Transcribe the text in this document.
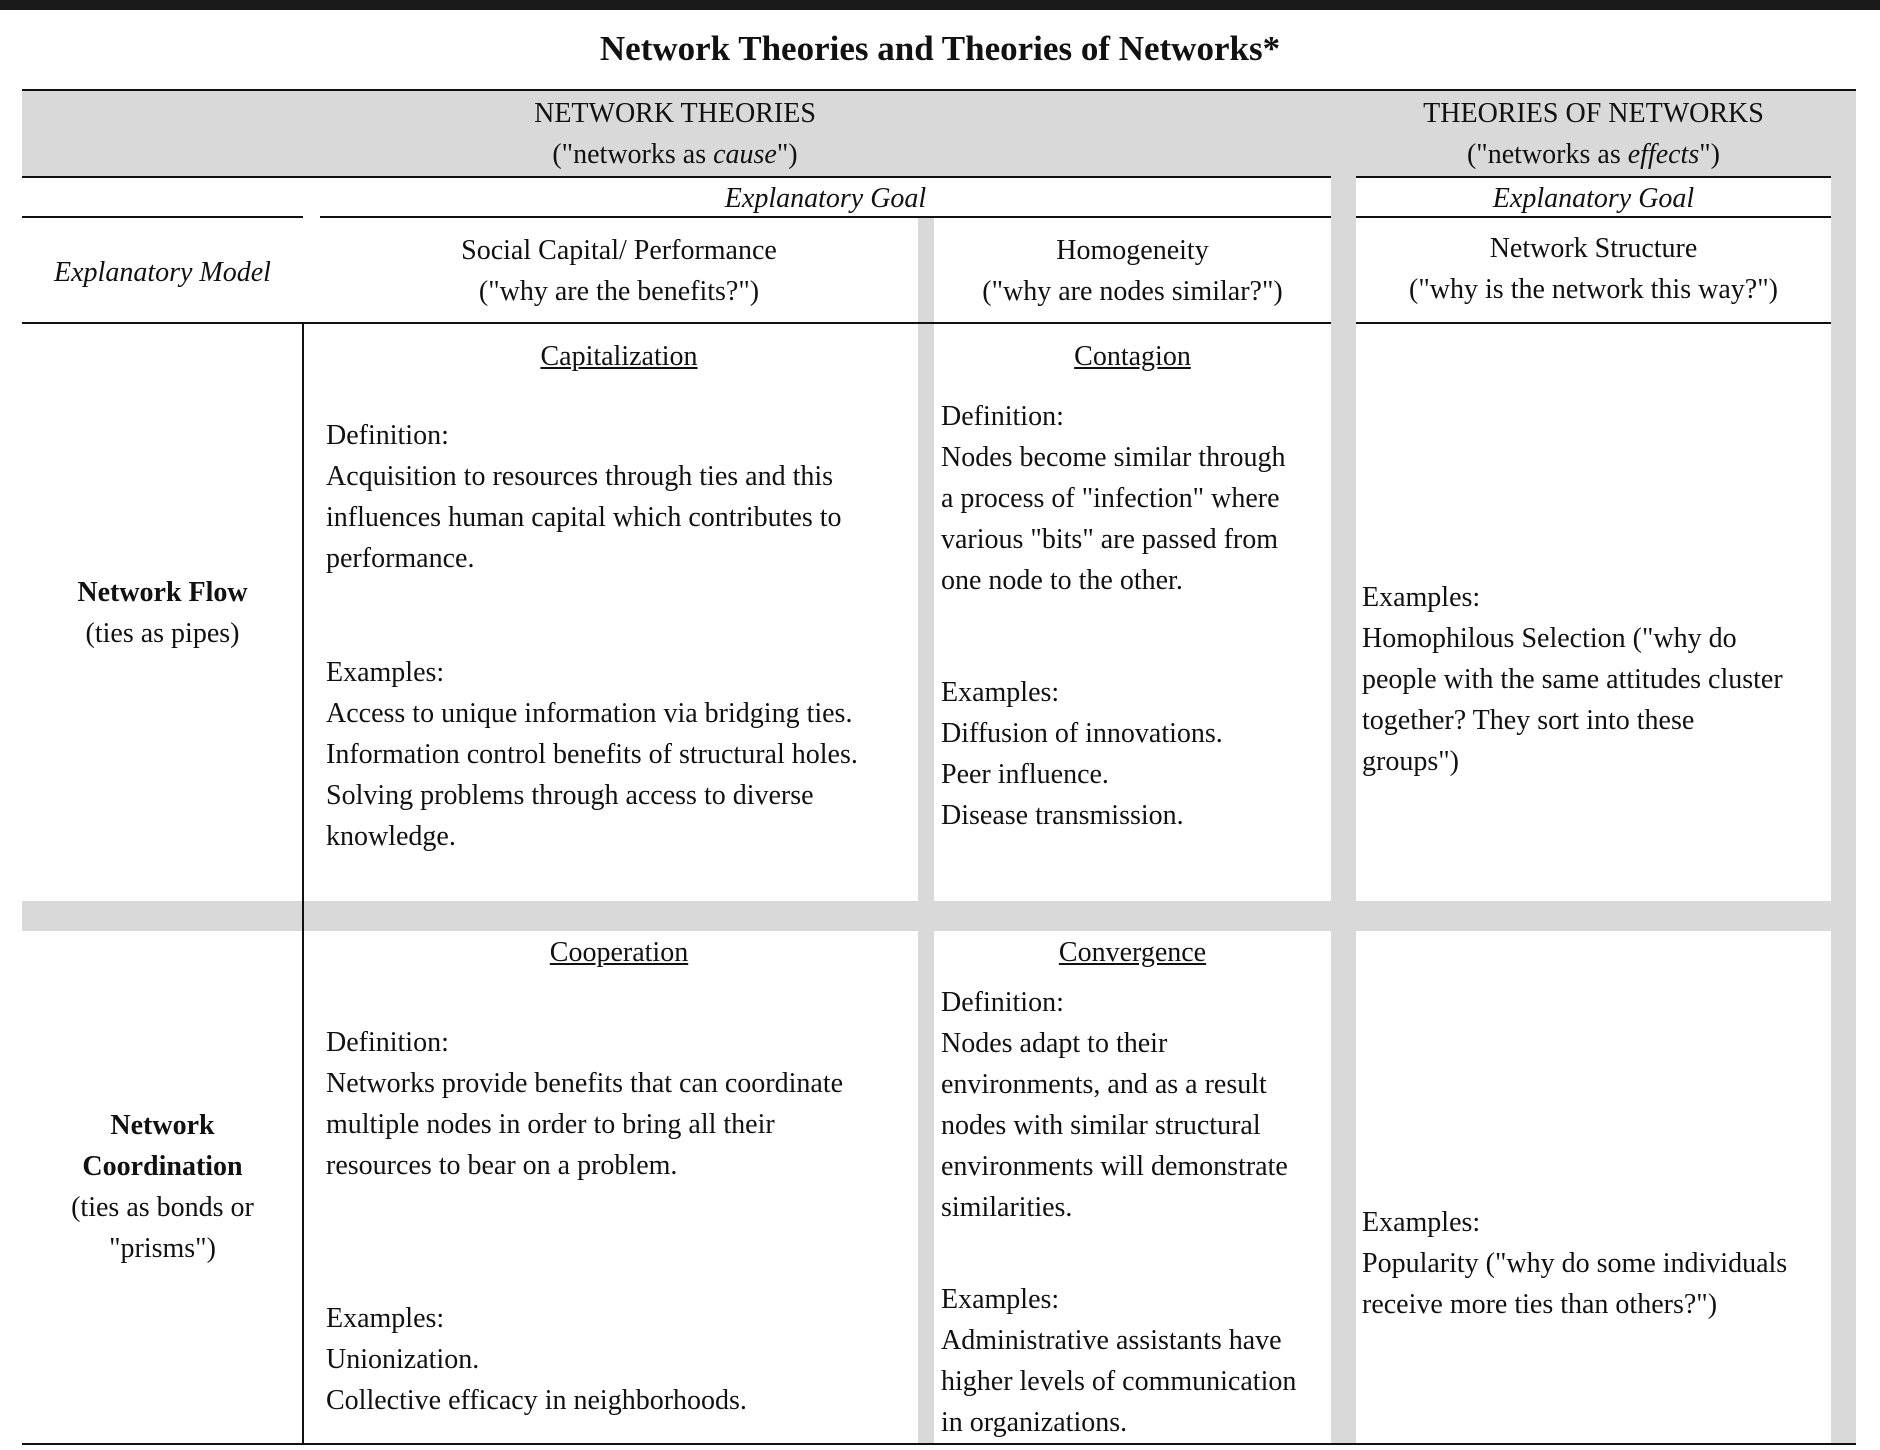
Network Theories and Theories of Networks*
NETWORK THEORIES
("networks as cause")
THEORIES OF NETWORKS
("networks as effects")
Explanatory Goal	Explanatory Goal
Explanatory Model
Social Capital/ Performance
("why are the benefits?")
Homogeneity
("why are nodes similar?")
Network Structure
("why is the network this way?")
Network Flow
(ties as pipes)
Capitalization
Definition:
Acquisition to resources through ties and this
influences human capital which contributes to
performance.
Examples:
Access to unique information via bridging ties.
Information control benefits of structural holes.
Solving problems through access to diverse
knowledge.
Contagion
Definition:
Nodes become similar through
a process of "infection" where
various "bits" are passed from
one node to the other.
Examples:
Diffusion of innovations.
Peer influence.
Disease transmission.
Examples:
Homophilous Selection ("why do
people with the same attitudes cluster
together? They sort into these
groups")
Network
Coordination
(ties as bonds or
"prisms")
Cooperation
Definition:
Networks provide benefits that can coordinate
multiple nodes in order to bring all their
resources to bear on a problem.
Examples:
Unionization.
Collective efficacy in neighborhoods.
Convergence
Definition:
Nodes adapt to their
environments, and as a result
nodes with similar structural
environments will demonstrate
similarities.
Examples:
Administrative assistants have
higher levels of communication
in organizations.
Examples:
Popularity ("why do some individuals
receive more ties than others?")
